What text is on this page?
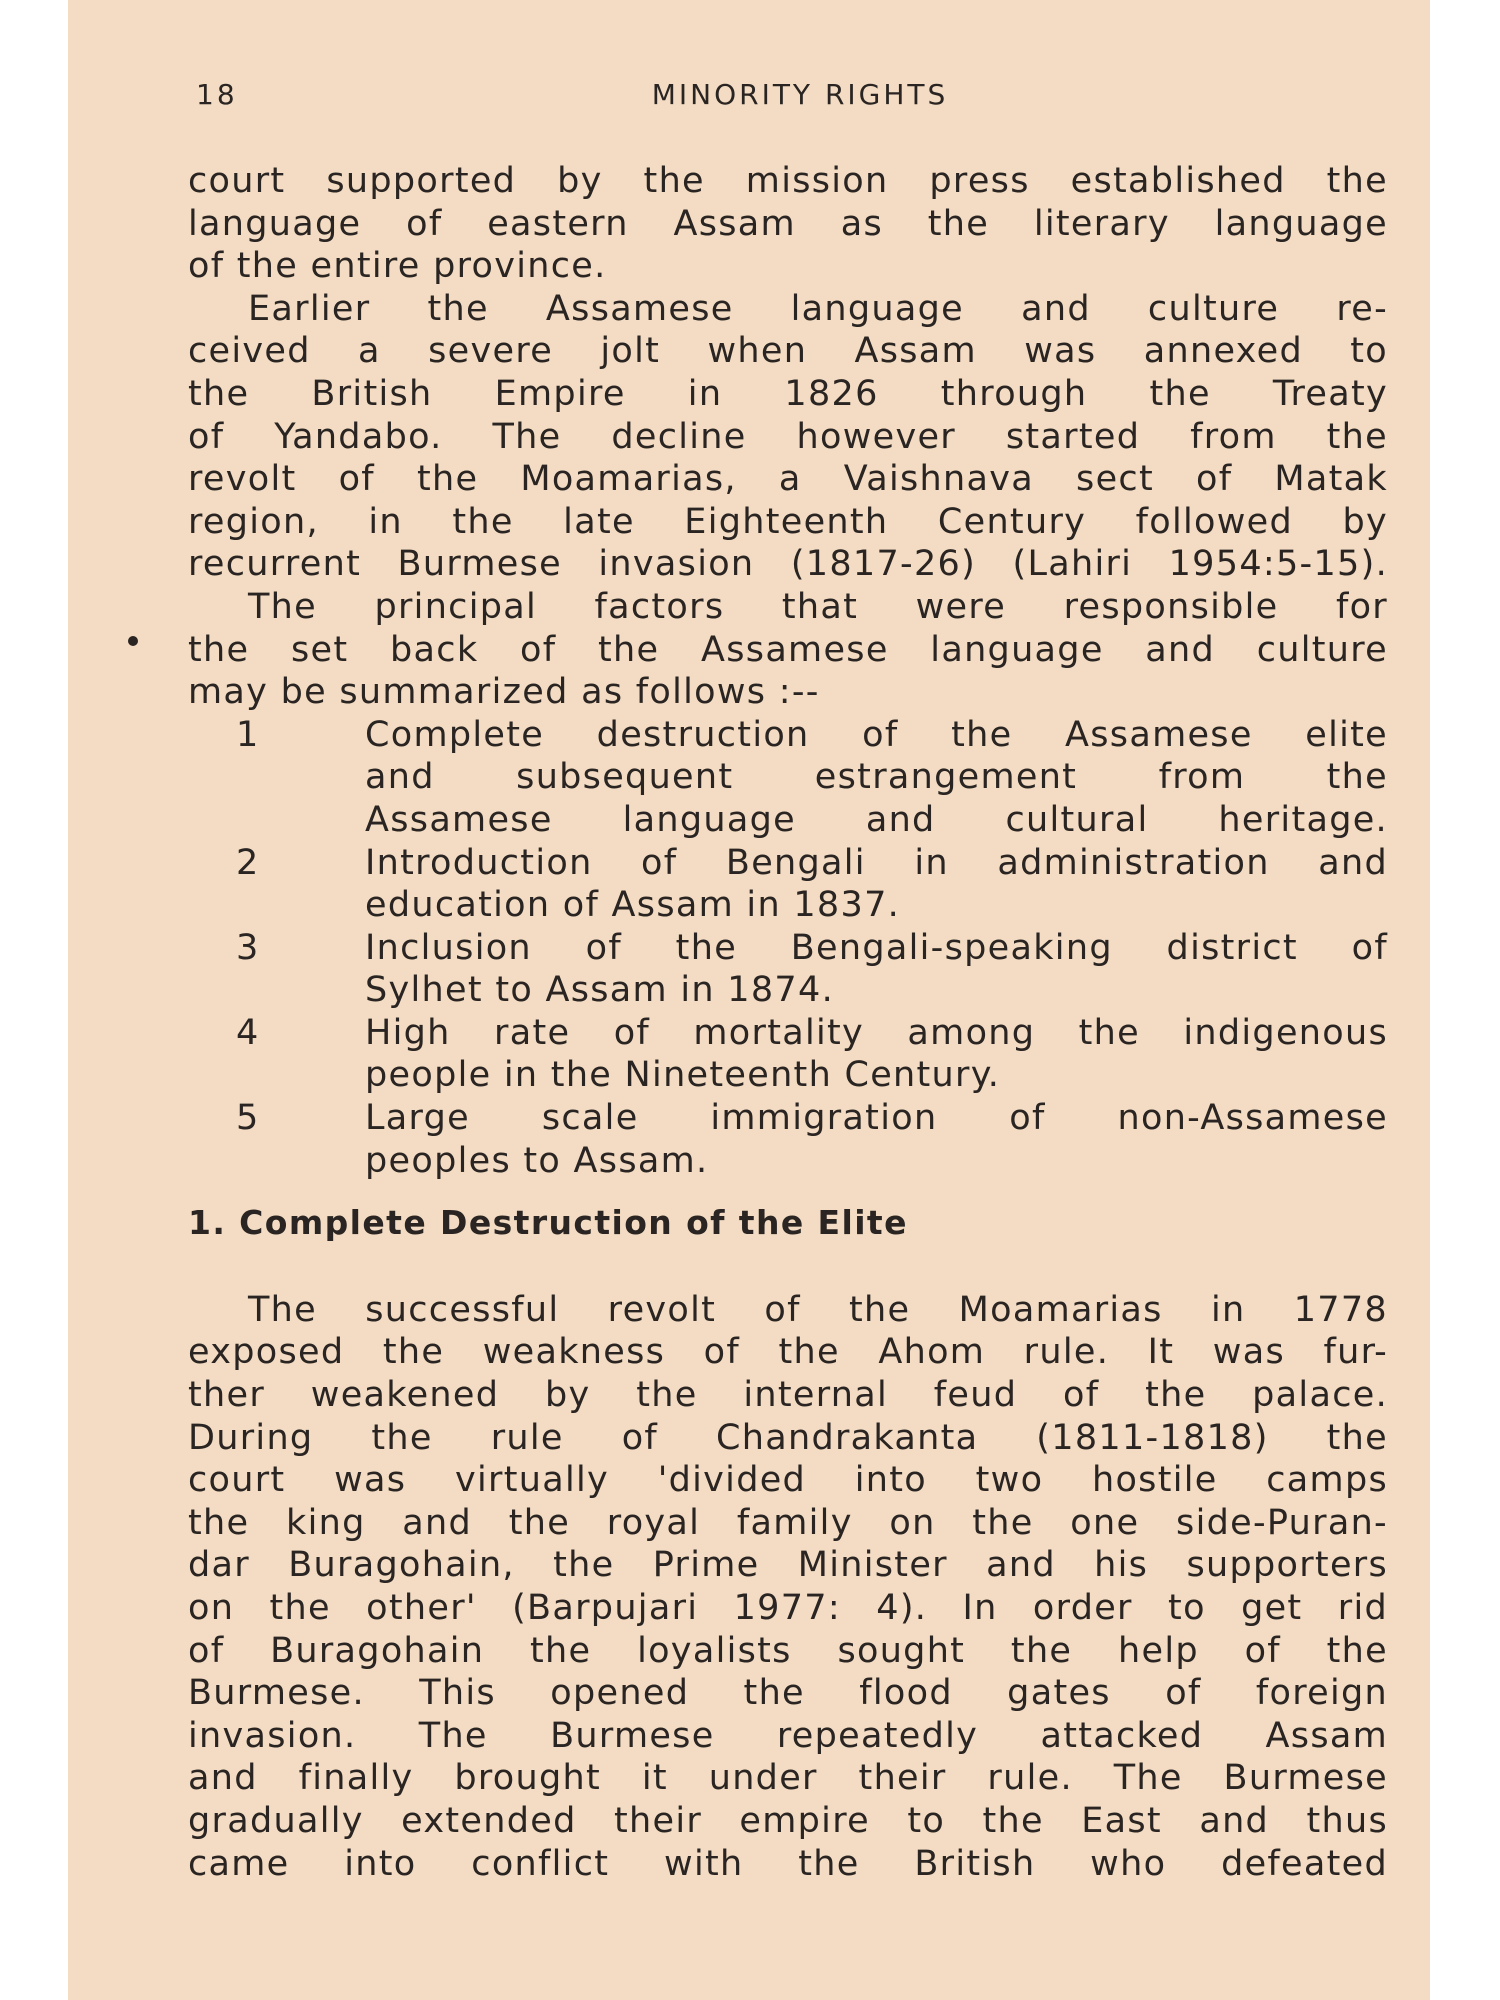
18	MINORITY RIGHTS
court supported by the mission press established the
language of eastern Assam as the literary language
of the entire province.
Earlier the Assamese language and culture re-
ceived a severe jolt when Assam was annexed to
the British Empire in 1826 through the Treaty
of Yandabo. The decline however started from the
revolt of the Moamarias, a Vaishnava sect of Matak
region, in the late Eighteenth Century followed by
recurrent Burmese invasion (1817-26) (Lahiri 1954:5-15).
The principal factors that were responsible for
the set back of the Assamese language and culture
may be summarized as follows :--
1	Complete destruction of the Assamese elite
and subsequent estrangement from the
Assamese language and cultural heritage.
2	Introduction of Bengali in administration and
education of Assam in 1837.
3	Inclusion of the Bengali-speaking district of
Sylhet to Assam in 1874.
4	High rate of mortality among the indigenous
people in the Nineteenth Century.
5	Large scale immigration of non-Assamese
peoples to Assam.
1. Complete Destruction of the Elite
The successful revolt of the Moamarias in 1778
exposed the weakness of the Ahom rule. It was fur-
ther weakened by the internal feud of the palace.
During the rule of Chandrakanta (1811-1818) the
court was virtually 'divided into two hostile camps
the king and the royal family on the one side-Puran-
dar Buragohain, the Prime Minister and his supporters
on the other' (Barpujari 1977: 4). In order to get rid
of Buragohain the loyalists sought the help of the
Burmese. This opened the flood gates of foreign
invasion. The Burmese repeatedly attacked Assam
and finally brought it under their rule. The Burmese
gradually extended their empire to the East and thus
came into conflict with the British who defeated
